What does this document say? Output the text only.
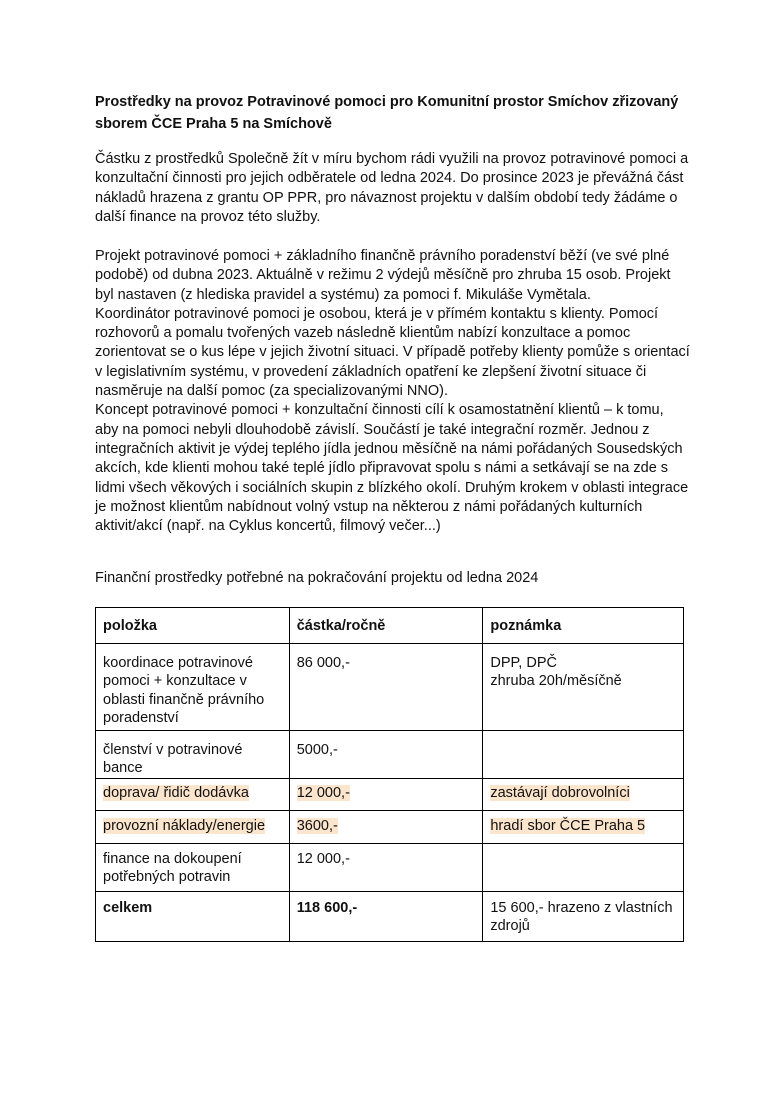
Prostředky na provoz Potravinové pomoci pro Komunitní prostor Smíchov zřizovaný
sborem ČCE Praha 5 na Smíchově
Částku z prostředků Společně žít v míru bychom rádi využili na provoz potravinové pomoci a
konzultační činnosti pro jejich odběratele od ledna 2024. Do prosince 2023 je převážná část
nákladů hrazena z grantu OP PPR, pro návaznost projektu v dalším období tedy žádáme o
další finance na provoz této služby.
Projekt potravinové pomoci + základního finančně právního poradenství běží (ve své plné
podobě) od dubna 2023. Aktuálně v režimu 2 výdejů měsíčně pro zhruba 15 osob. Projekt
byl nastaven (z hlediska pravidel a systému) za pomoci f. Mikuláše Vymětala.
Koordinátor potravinové pomoci je osobou, která je v přímém kontaktu s klienty. Pomocí
rozhovorů a pomalu tvořených vazeb následně klientům nabízí konzultace a pomoc
zorientovat se o kus lépe v jejich životní situaci. V případě potřeby klienty pomůže s orientací
v legislativním systému, v provedení základních opatření ke zlepšení životní situace či
nasměruje na další pomoc (za specializovanými NNO).
Koncept potravinové pomoci + konzultační činnosti cílí k osamostatnění klientů – k tomu,
aby na pomoci nebyli dlouhodobě závislí. Součástí je také integrační rozměr. Jednou z
integračních aktivit je výdej teplého jídla jednou měsíčně na námi pořádaných Sousedských
akcích, kde klienti mohou také teplé jídlo připravovat spolu s námi a setkávají se na zde s
lidmi všech věkových i sociálních skupin z blízkého okolí. Druhým krokem v oblasti integrace
je možnost klientům nabídnout volný vstup na některou z námi pořádaných kulturních
aktivit/akcí (např. na Cyklus koncertů, filmový večer...)
Finanční prostředky potřebné na pokračování projektu od ledna 2024
položka	částka/ročně	poznámka

koordinace potravinové
pomoci + konzultace v
oblasti finančně právního
poradenství	86 000,-	DPP, DPČ
zhruba 20h/měsíčně

členství v potravinové
bance	5000,-	
doprava/ řidič dodávka	12 000,-	zastávají dobrovolníci
provozní náklady/energie	3600,-	hradí sbor ČCE Praha 5

finance na dokoupení
potřebných potravin	12 000,-	
celkem	118 600,-	15 600,- hrazeno z vlastních
zdrojů
